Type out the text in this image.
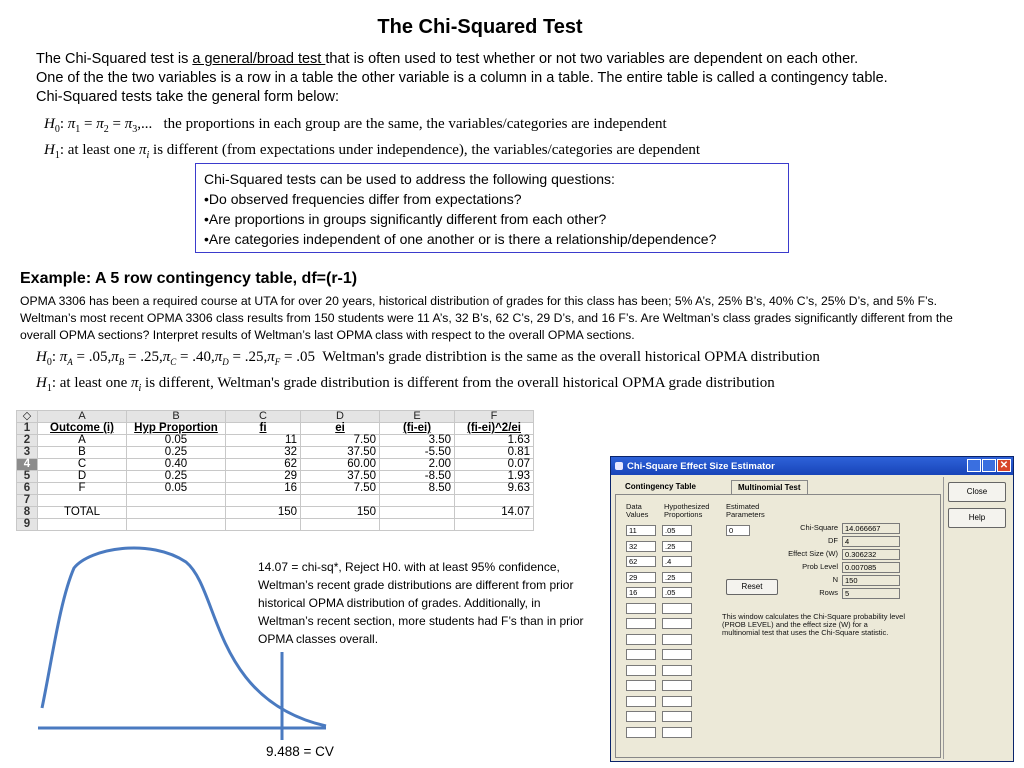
The Chi-Squared Test
The Chi-Squared test is a general/broad test that is often used to test whether or not two variables are dependent on each other.
One of the the two variables is a row in a table the other variable is a column in a table. The entire table is called a contingency table.
Chi-Squared tests take the general form below:
$H_0$: $\pi_1 = \pi_2 = \pi_3$,...   the proportions in each group are the same, the variables/categories are independent
$H_1$: at least one $\pi_i$ is different (from expectations under independence), the variables/categories are dependent
Chi-Squared tests can be used to address the following questions:
•Do observed frequencies differ from expectations?
•Are proportions in groups significantly different from each other?
•Are categories independent of one another or is there a relationship/dependence?
Example: A 5 row contingency table, df=(r-1)
OPMA 3306 has been a required course at UTA for over 20 years, historical distribution of grades for this class has been; 5% A’s, 25% B’s, 40% C’s, 25% D’s, and 5% F’s. Weltman’s most recent OPMA 3306 class results from 150 students were 11 A’s, 32 B’s, 62 C’s, 29 D’s, and 16 F’s. Are Weltman’s class grades significantly different from the overall OPMA sections? Interpret results of Weltman’s last OPMA class with respect to the overall OPMA sections.
$H_0$: $\pi_A = .05,\pi_B = .25,\pi_C = .40,\pi_D = .25,\pi_F = .05$  Weltman's grade distribtion is the same as the overall historical OPMA distribution
$H_1$: at least one $\pi_i$ is different, Weltman's grade distribution is different from the overall historical OPMA grade distribution
◇	A	B	C	D	E	F
1	Outcome (i)	Hyp Proportion	fi	ei	(fi-ei)	(fi-ei)^2/ei
2	A	0.05	11	7.50	3.50	1.63
3	B	0.25	32	37.50	-5.50	0.81
4	C	0.40	62	60.00	2.00	0.07
5	D	0.25	29	37.50	-8.50	1.93
6	F	0.05	16	7.50	8.50	9.63
7						
8	TOTAL		150	150		14.07
9						
14.07 = chi-sq*, Reject H0. with at least 95% confidence, Weltman’s recent grade distributions are different from prior historical OPMA distribution of grades. Additionally, in Weltman’s recent section, more students had F’s than in prior OPMA classes overall.
9.488 = CV
Chi-Square Effect Size Estimator	✕
Contingency Table	Multinomial Test
Data Values
Hypothesized Proportions
Estimated Parameters
11	.05
32	.25
62	.4
29	.25
16	.05
0	Chi-Square 14.066667
DF 4
Effect Size (W) 0.306232
Prob Level 0.007085
N 150
Rows 5
Reset
This window calculates the Chi-Square probability level (PROB LEVEL) and the effect size (W) for a multinomial test that uses the Chi-Square statistic.
Close
Help
